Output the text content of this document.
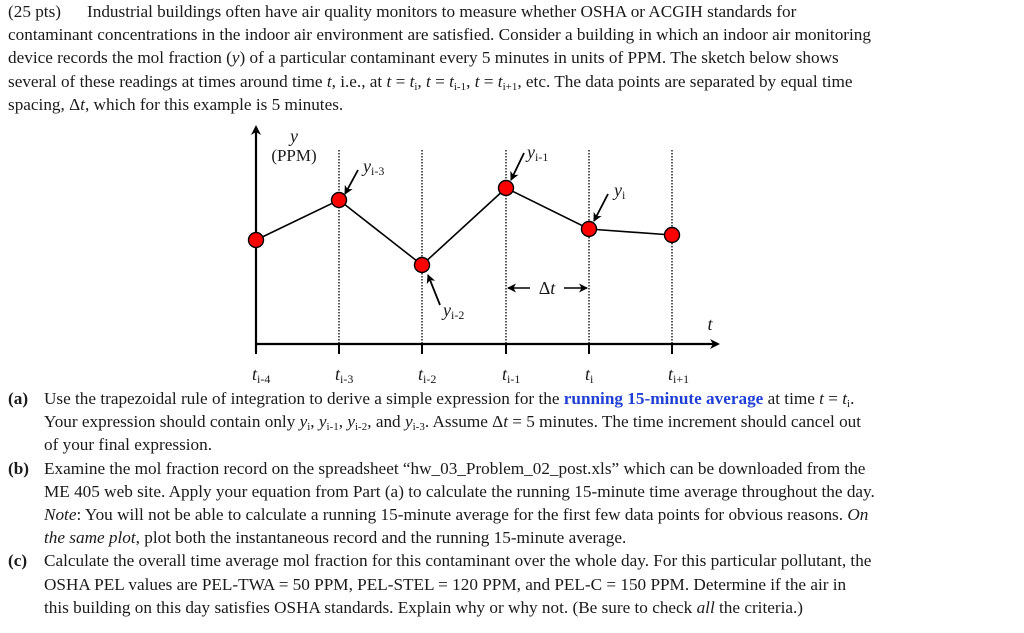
(25 pts) Industrial buildings often have air quality monitors to measure whether OSHA or ACGIH standards for
contaminant concentrations in the indoor air environment are satisfied. Consider a building in which an indoor air monitoring
device records the mol fraction (y) of a particular contaminant every 5 minutes in units of PPM. The sketch below shows
several of these readings at times around time t, i.e., at $t = t_i$, $t = t_{i-1}$, $t = t_{i+1}$, etc. The data points are separated by equal time
spacing, Δt, which for this example is 5 minutes.
y
(PPM)
t
yi-3
yi-2
yi-1
yi
Δt
ti-4	ti-3	ti-2	ti-1	ti	ti+1
(a) Use the trapezoidal rule of integration to derive a simple expression for the running 15-minute average at time $t = t_i$.
Your expression should contain only $y_i$, $y_{i-1}$, $y_{i-2}$, and $y_{i-3}$. Assume Δt = 5 minutes. The time increment should cancel out
of your final expression.
(b) Examine the mol fraction record on the spreadsheet “hw_03_Problem_02_post.xls” which can be downloaded from the
ME 405 web site. Apply your equation from Part (a) to calculate the running 15-minute time average throughout the day.
Note: You will not be able to calculate a running 15-minute average for the first few data points for obvious reasons. On
the same plot, plot both the instantaneous record and the running 15-minute average.
(c) Calculate the overall time average mol fraction for this contaminant over the whole day. For this particular pollutant, the
OSHA PEL values are PEL-TWA = 50 PPM, PEL-STEL = 120 PPM, and PEL-C = 150 PPM. Determine if the air in
this building on this day satisfies OSHA standards. Explain why or why not. (Be sure to check all the criteria.)
